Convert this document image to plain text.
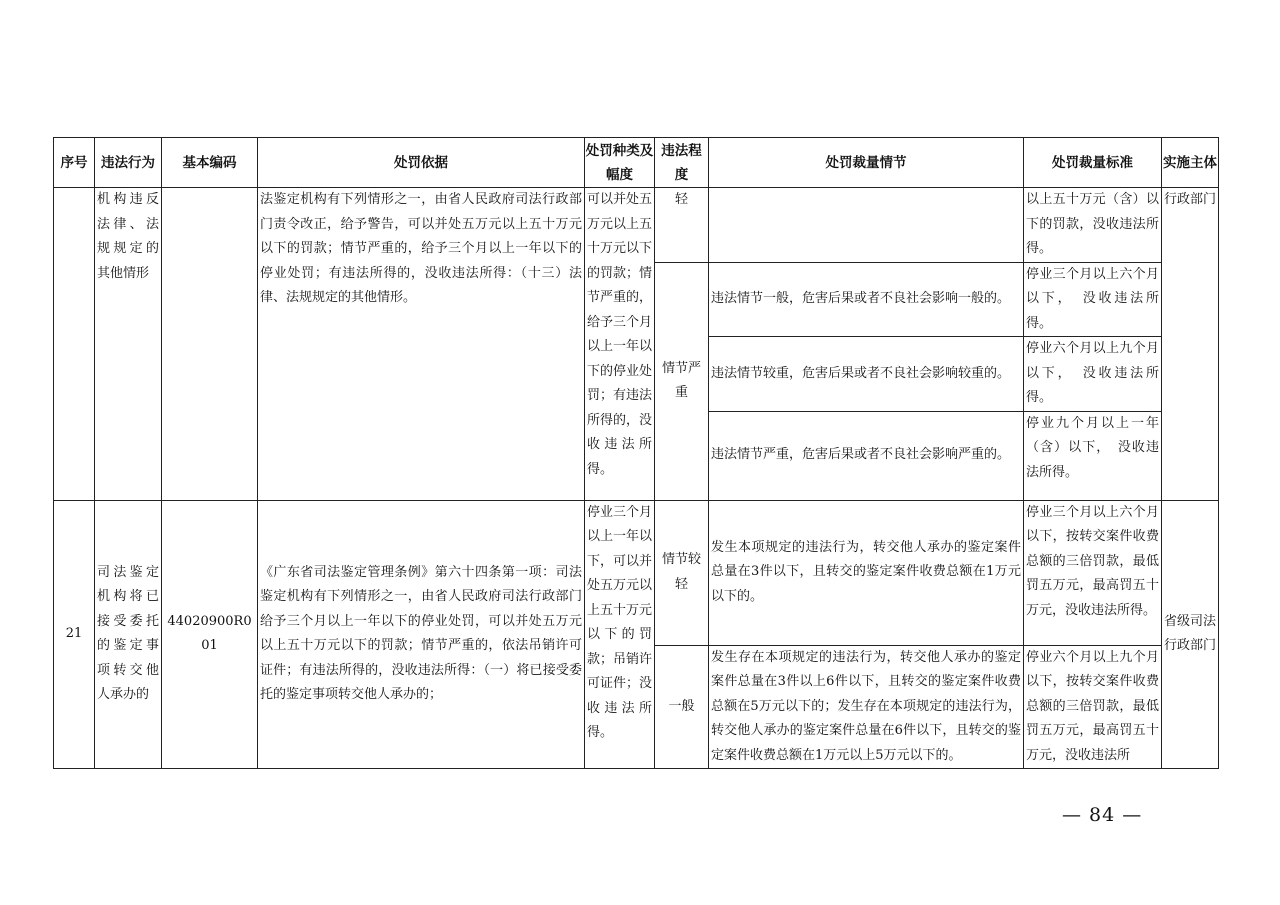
序号	违法行为	基本编码	处罚依据	处罚种类及幅度	违法程度	处罚裁量情节	处罚裁量标准	实施主体

	机构违反法律、法规规定的其他情形		法鉴定机构有下列情形之一，由省人民政府司法行政部门责令改正，给予警告，可以并处五万元以上五十万元以下的罚款；情节严重的，给予三个月以上一年以下的停业处罚；有违法所得的，没收违法所得：（十三）法律、法规规定的其他情形。	可以并处五万元以上五十万元以下的罚款；情节严重的，给予三个月以上一年以下的停业处罚；有违法所得的，没收违法所得。	轻		以上五十万元（含）以下的罚款，没收违法所得。	行政部门

					情节严重	违法情节一般，危害后果或者不良社会影响一般的。	停业三个月以上六个月以下，　没收违法所得。	

						违法情节较重，危害后果或者不良社会影响较重的。	停业六个月以上九个月以下，　没收违法所得。	

						违法情节严重，危害后果或者不良社会影响严重的。	停业九个月以上一年（含）以下，　没收违法所得。	

21	司法鉴定机构将已接受委托的鉴定事项转交他人承办的	44020900R001	《广东省司法鉴定管理条例》第六十四条第一项：司法鉴定机构有下列情形之一，由省人民政府司法行政部门给予三个月以上一年以下的停业处罚，可以并处五万元以上五十万元以下的罚款；情节严重的，依法吊销许可证件；有违法所得的，没收违法所得：（一）将已接受委托的鉴定事项转交他人承办的；	停业三个月以上一年以下，可以并处五万元以上五十万元以下的罚款；吊销许可证件；没收违法所得。	情节较轻	发生本项规定的违法行为，转交他人承办的鉴定案件总量在3件以下，且转交的鉴定案件收费总额在1万元以下的。	停业三个月以上六个月以下，按转交案件收费总额的三倍罚款，最低罚五万元，最高罚五十万元，没收违法所得。	省级司法行政部门

					一般	发生存在本项规定的违法行为，转交他人承办的鉴定案件总量在3件以上6件以下，且转交的鉴定案件收费总额在5万元以下的；发生存在本项规定的违法行为，转交他人承办的鉴定案件总量在6件以下，且转交的鉴定案件收费总额在1万元以上5万元以下的。	停业六个月以上九个月以下，按转交案件收费总额的三倍罚款，最低罚五万元，最高罚五十万元，没收违法所	
— 84 —
